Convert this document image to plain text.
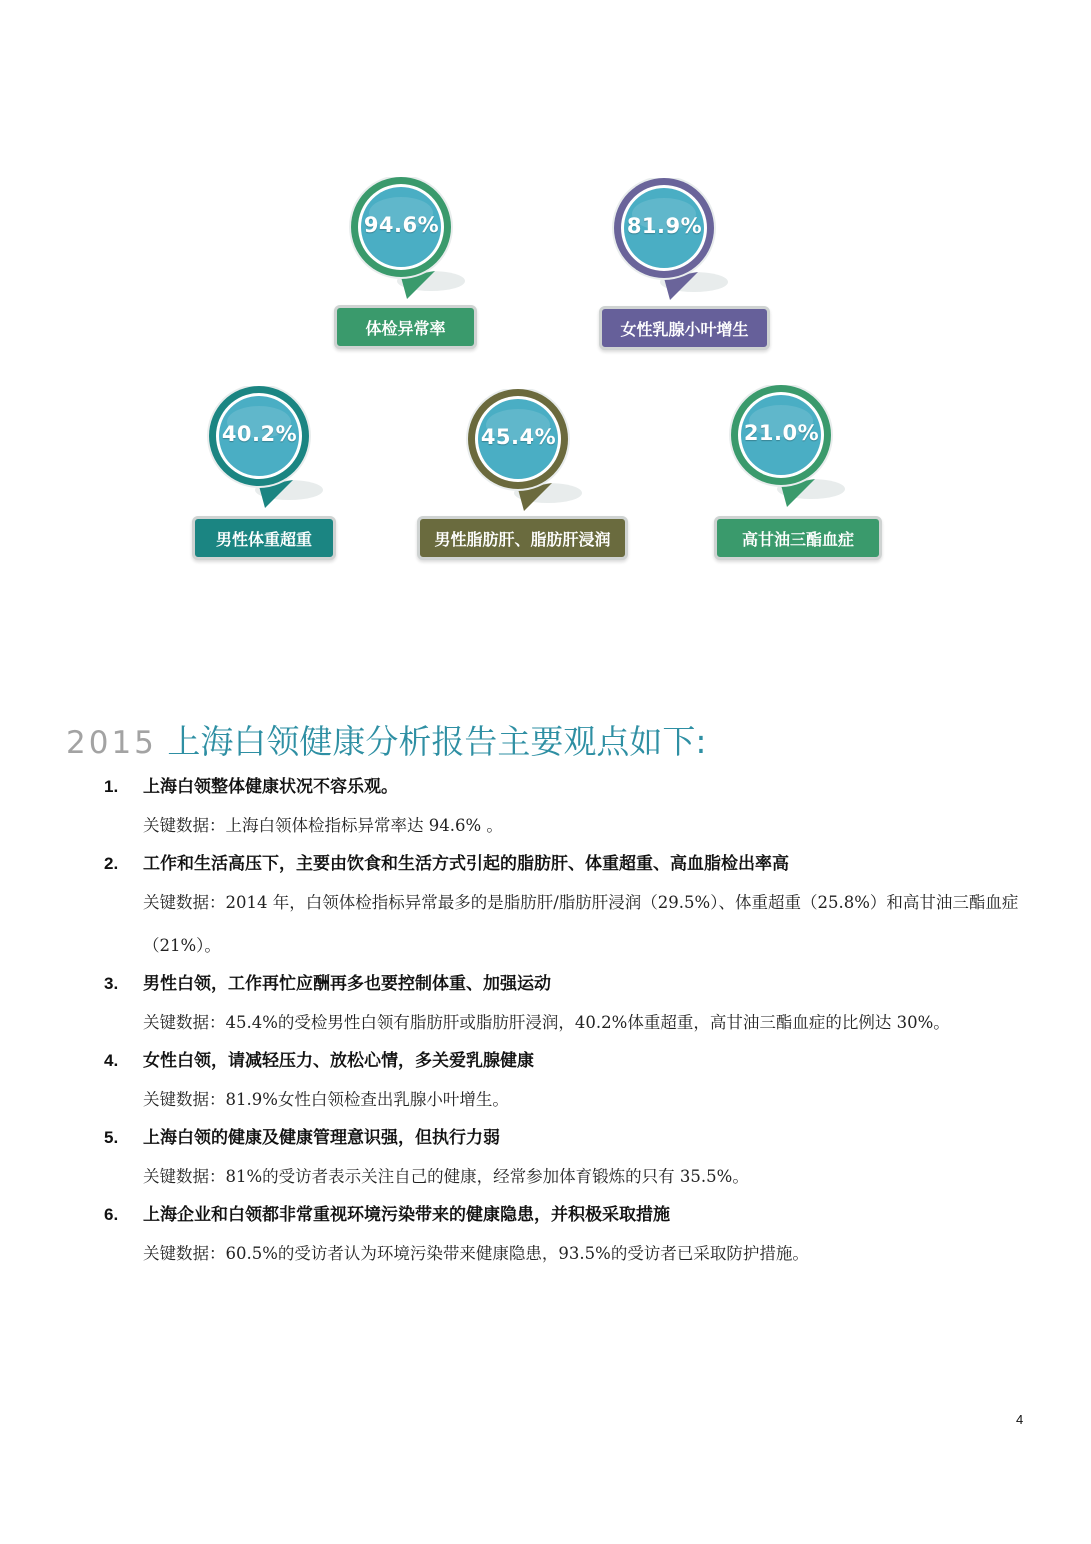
94.6%
体检异常率
81.9%
女性乳腺小叶增生
40.2%
男性体重超重
45.4%
男性脂肪肝、脂肪肝浸润
21.0%
高甘油三酯血症
2015 上海白领健康分析报告主要观点如下:
1. 上海白领整体健康状况不容乐观。
关键数据：上海白领体检指标异常率达 94.6% 。
2. 工作和生活高压下，主要由饮食和生活方式引起的脂肪肝、体重超重、高血脂检出率高
关键数据：2014 年，白领体检指标异常最多的是脂肪肝/脂肪肝浸润（29.5%）、体重超重（25.8%）和高甘油三酯血症（21%）。
3. 男性白领，工作再忙应酬再多也要控制体重、加强运动
关键数据：45.4%的受检男性白领有脂肪肝或脂肪肝浸润，40.2%体重超重，高甘油三酯血症的比例达 30%。
4. 女性白领，请减轻压力、放松心情，多关爱乳腺健康
关键数据：81.9%女性白领检查出乳腺小叶增生。
5. 上海白领的健康及健康管理意识强，但执行力弱
关键数据：81%的受访者表示关注自己的健康，经常参加体育锻炼的只有 35.5%。
6. 上海企业和白领都非常重视环境污染带来的健康隐患，并积极采取措施
关键数据：60.5%的受访者认为环境污染带来健康隐患，93.5%的受访者已采取防护措施。
4
